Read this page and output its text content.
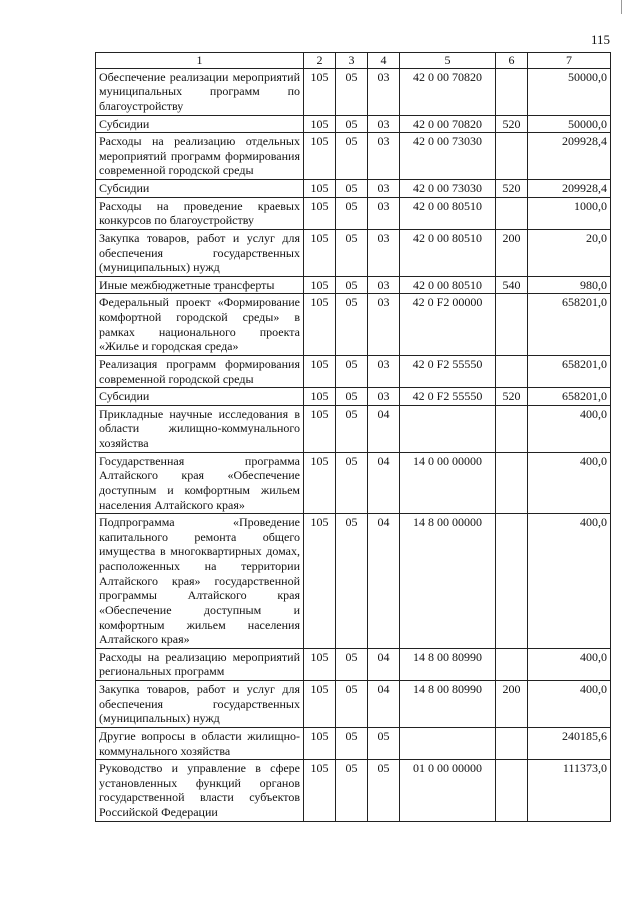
115
1	2	3	4	5	6	7
Обеспечение реализации мероприятий муниципальных программ по благоустройству	105	05	03	42 0 00 70820		50000,0
Субсидии	105	05	03	42 0 00 70820	520	50000,0
Расходы на реализацию отдельных мероприятий программ формирования современной городской среды	105	05	03	42 0 00 73030		209928,4
Субсидии	105	05	03	42 0 00 73030	520	209928,4
Расходы на проведение краевых конкурсов по благоустройству	105	05	03	42 0 00 80510		1000,0
Закупка товаров, работ и услуг для обеспечения государственных (муниципальных) нужд	105	05	03	42 0 00 80510	200	20,0
Иные межбюджетные трансферты	105	05	03	42 0 00 80510	540	980,0
Федеральный проект «Формирование комфортной городской среды» в рамках национального проекта «Жилье и городская среда»	105	05	03	42 0 F2 00000		658201,0
Реализация программ формирования современной городской среды	105	05	03	42 0 F2 55550		658201,0
Субсидии	105	05	03	42 0 F2 55550	520	658201,0
Прикладные научные исследования в области жилищно-коммунального хозяйства	105	05	04			400,0
Государственная программа Алтайского края «Обеспечение доступным и комфортным жильем населения Алтайского края»	105	05	04	14 0 00 00000		400,0
Подпрограмма «Проведение капитального ремонта общего имущества в многоквартирных домах, расположенных на территории Алтайского края» государственной программы Алтайского края «Обеспечение доступным и комфортным жильем населения Алтайского края»	105	05	04	14 8 00 00000		400,0
Расходы на реализацию мероприятий региональных программ	105	05	04	14 8 00 80990		400,0
Закупка товаров, работ и услуг для обеспечения государственных (муниципальных) нужд	105	05	04	14 8 00 80990	200	400,0
Другие вопросы в области жилищно-коммунального хозяйства	105	05	05			240185,6
Руководство и управление в сфере установленных функций органов государственной власти субъектов Российской Федерации	105	05	05	01 0 00 00000		111373,0
